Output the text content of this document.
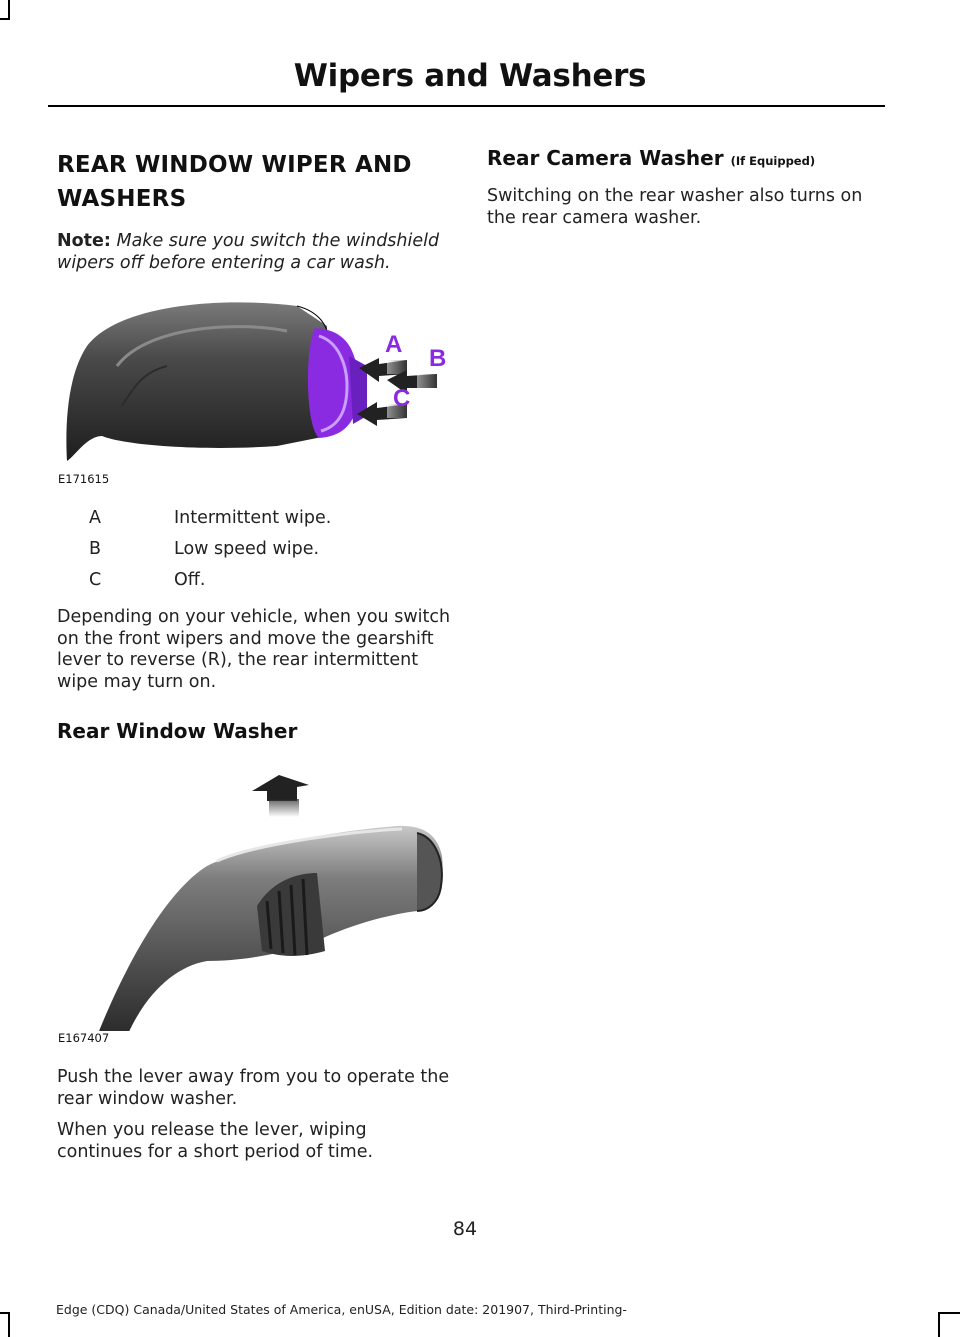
Wipers and Washers
REAR WINDOW WIPER AND WASHERS

Note: Make sure you switch the windshield wipers off before entering a car wash.

A
B
C
E171615
A	Intermittent wipe.
B	Low speed wipe.
C	Off.

Depending on your vehicle, when you switch on the front wipers and move the gearshift lever to reverse (R), the rear intermittent wipe may turn on.

Rear Window Washer
E167407

Push the lever away from you to operate the rear window washer.

When you release the lever, wiping continues for a short period of time.

Rear Camera Washer (If Equipped)

Switching on the rear washer also turns on the rear camera washer.

84
Edge (CDQ) Canada/United States of America, enUSA, Edition date: 201907, Third-Printing-
